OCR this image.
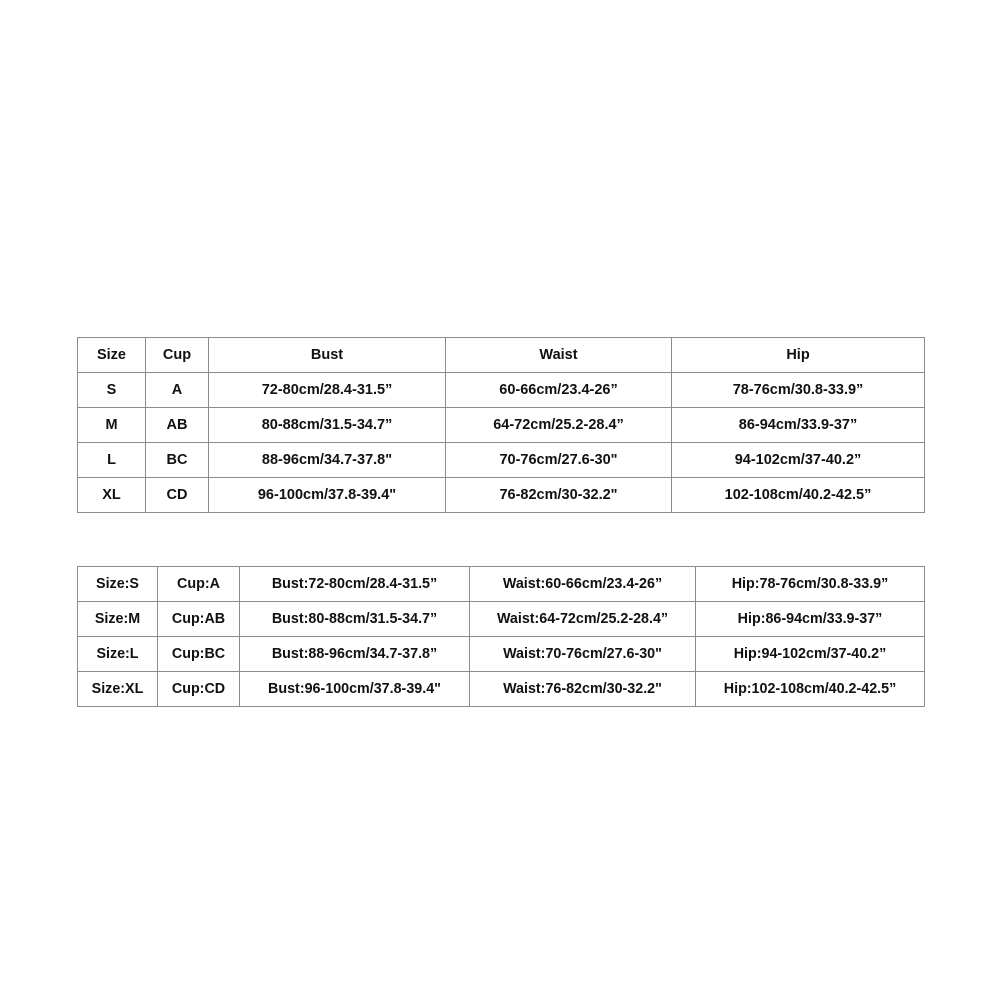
Size	Cup	Bust	Waist	Hip
S	A	72-80cm/28.4-31.5”	60-66cm/23.4-26”	78-76cm/30.8-33.9”
M	AB	80-88cm/31.5-34.7”	64-72cm/25.2-28.4”	86-94cm/33.9-37”
L	BC	88-96cm/34.7-37.8"	70-76cm/27.6-30"	94-102cm/37-40.2”
XL	CD	96-100cm/37.8-39.4"	76-82cm/30-32.2"	102-108cm/40.2-42.5”
Size:S	Cup:A	Bust:72-80cm/28.4-31.5”	Waist:60-66cm/23.4-26”	Hip:78-76cm/30.8-33.9”
Size:M	Cup:AB	Bust:80-88cm/31.5-34.7”	Waist:64-72cm/25.2-28.4”	Hip:86-94cm/33.9-37”
Size:L	Cup:BC	Bust:88-96cm/34.7-37.8”	Waist:70-76cm/27.6-30"	Hip:94-102cm/37-40.2”
Size:XL	Cup:CD	Bust:96-100cm/37.8-39.4"	Waist:76-82cm/30-32.2"	Hip:102-108cm/40.2-42.5”
